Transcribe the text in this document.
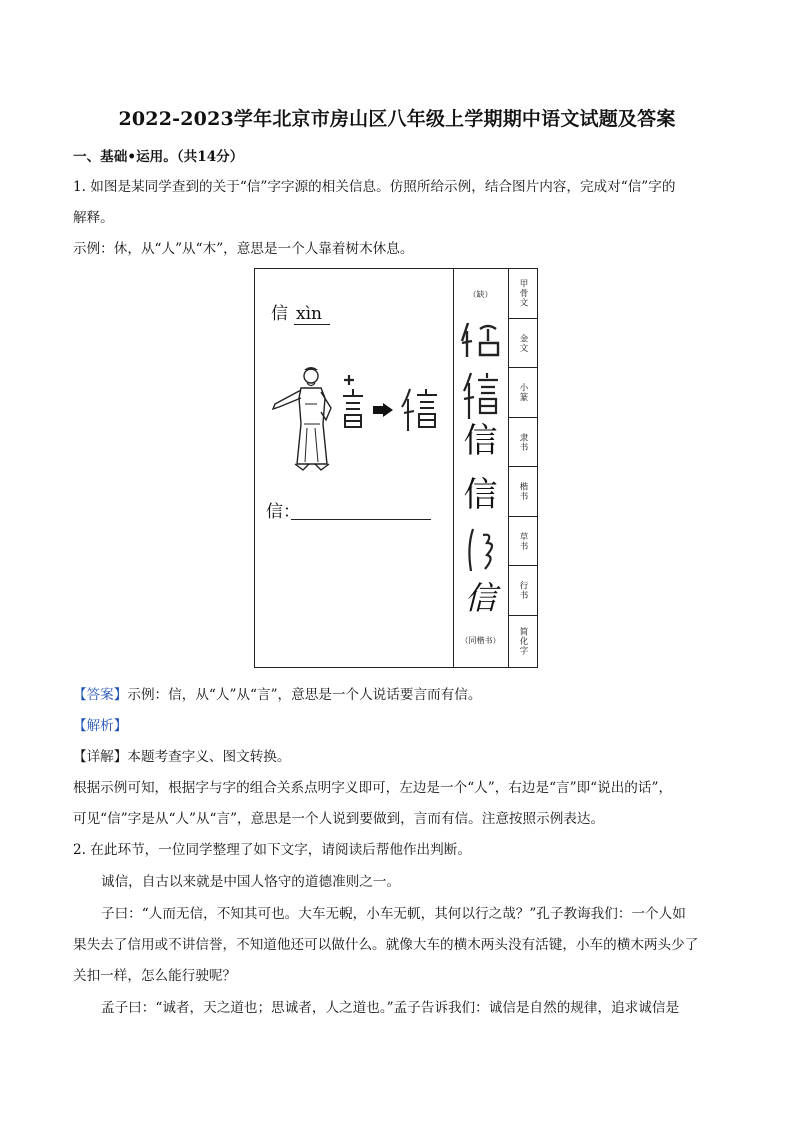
2022-2023学年北京市房山区八年级上学期期中语文试题及答案
一、基础•运用。（共14分）
1. 如图是某同学查到的关于“信”字字源的相关信息。仿照所给示例，结合图片内容，完成对“信”字的
解释。
示例：休，从“人”从“木”，意思是一个人靠着树木休息。
信 xìn
信：
（缺）
信
信
信
（同楷书）
甲骨文
金文
小篆
隶书
楷书
草书
行书
简化字
【答案】示例：信，从“人”从“言”，意思是一个人说话要言而有信。
【解析】
【详解】本题考查字义、图文转换。
根据示例可知，根据字与字的组合关系点明字义即可，左边是一个“人”，右边是“言”即“说出的话”，
可见“信”字是从“人”从“言”，意思是一个人说到要做到，言而有信。注意按照示例表达。
2. 在此环节，一位同学整理了如下文字，请阅读后帮他作出判断。
诚信，自古以来就是中国人恪守的道德准则之一。
子曰：“人而无信，不知其可也。大车无輗，小车无軏，其何以行之哉？”孔子教诲我们：一个人如
果失去了信用或不讲信誉，不知道他还可以做什么。就像大车的横木两头没有活键，小车的横木两头少了
关扣一样，怎么能行驶呢？
孟子曰：“诚者，天之道也；思诚者，人之道也。”孟子告诉我们：诚信是自然的规律，追求诚信是
